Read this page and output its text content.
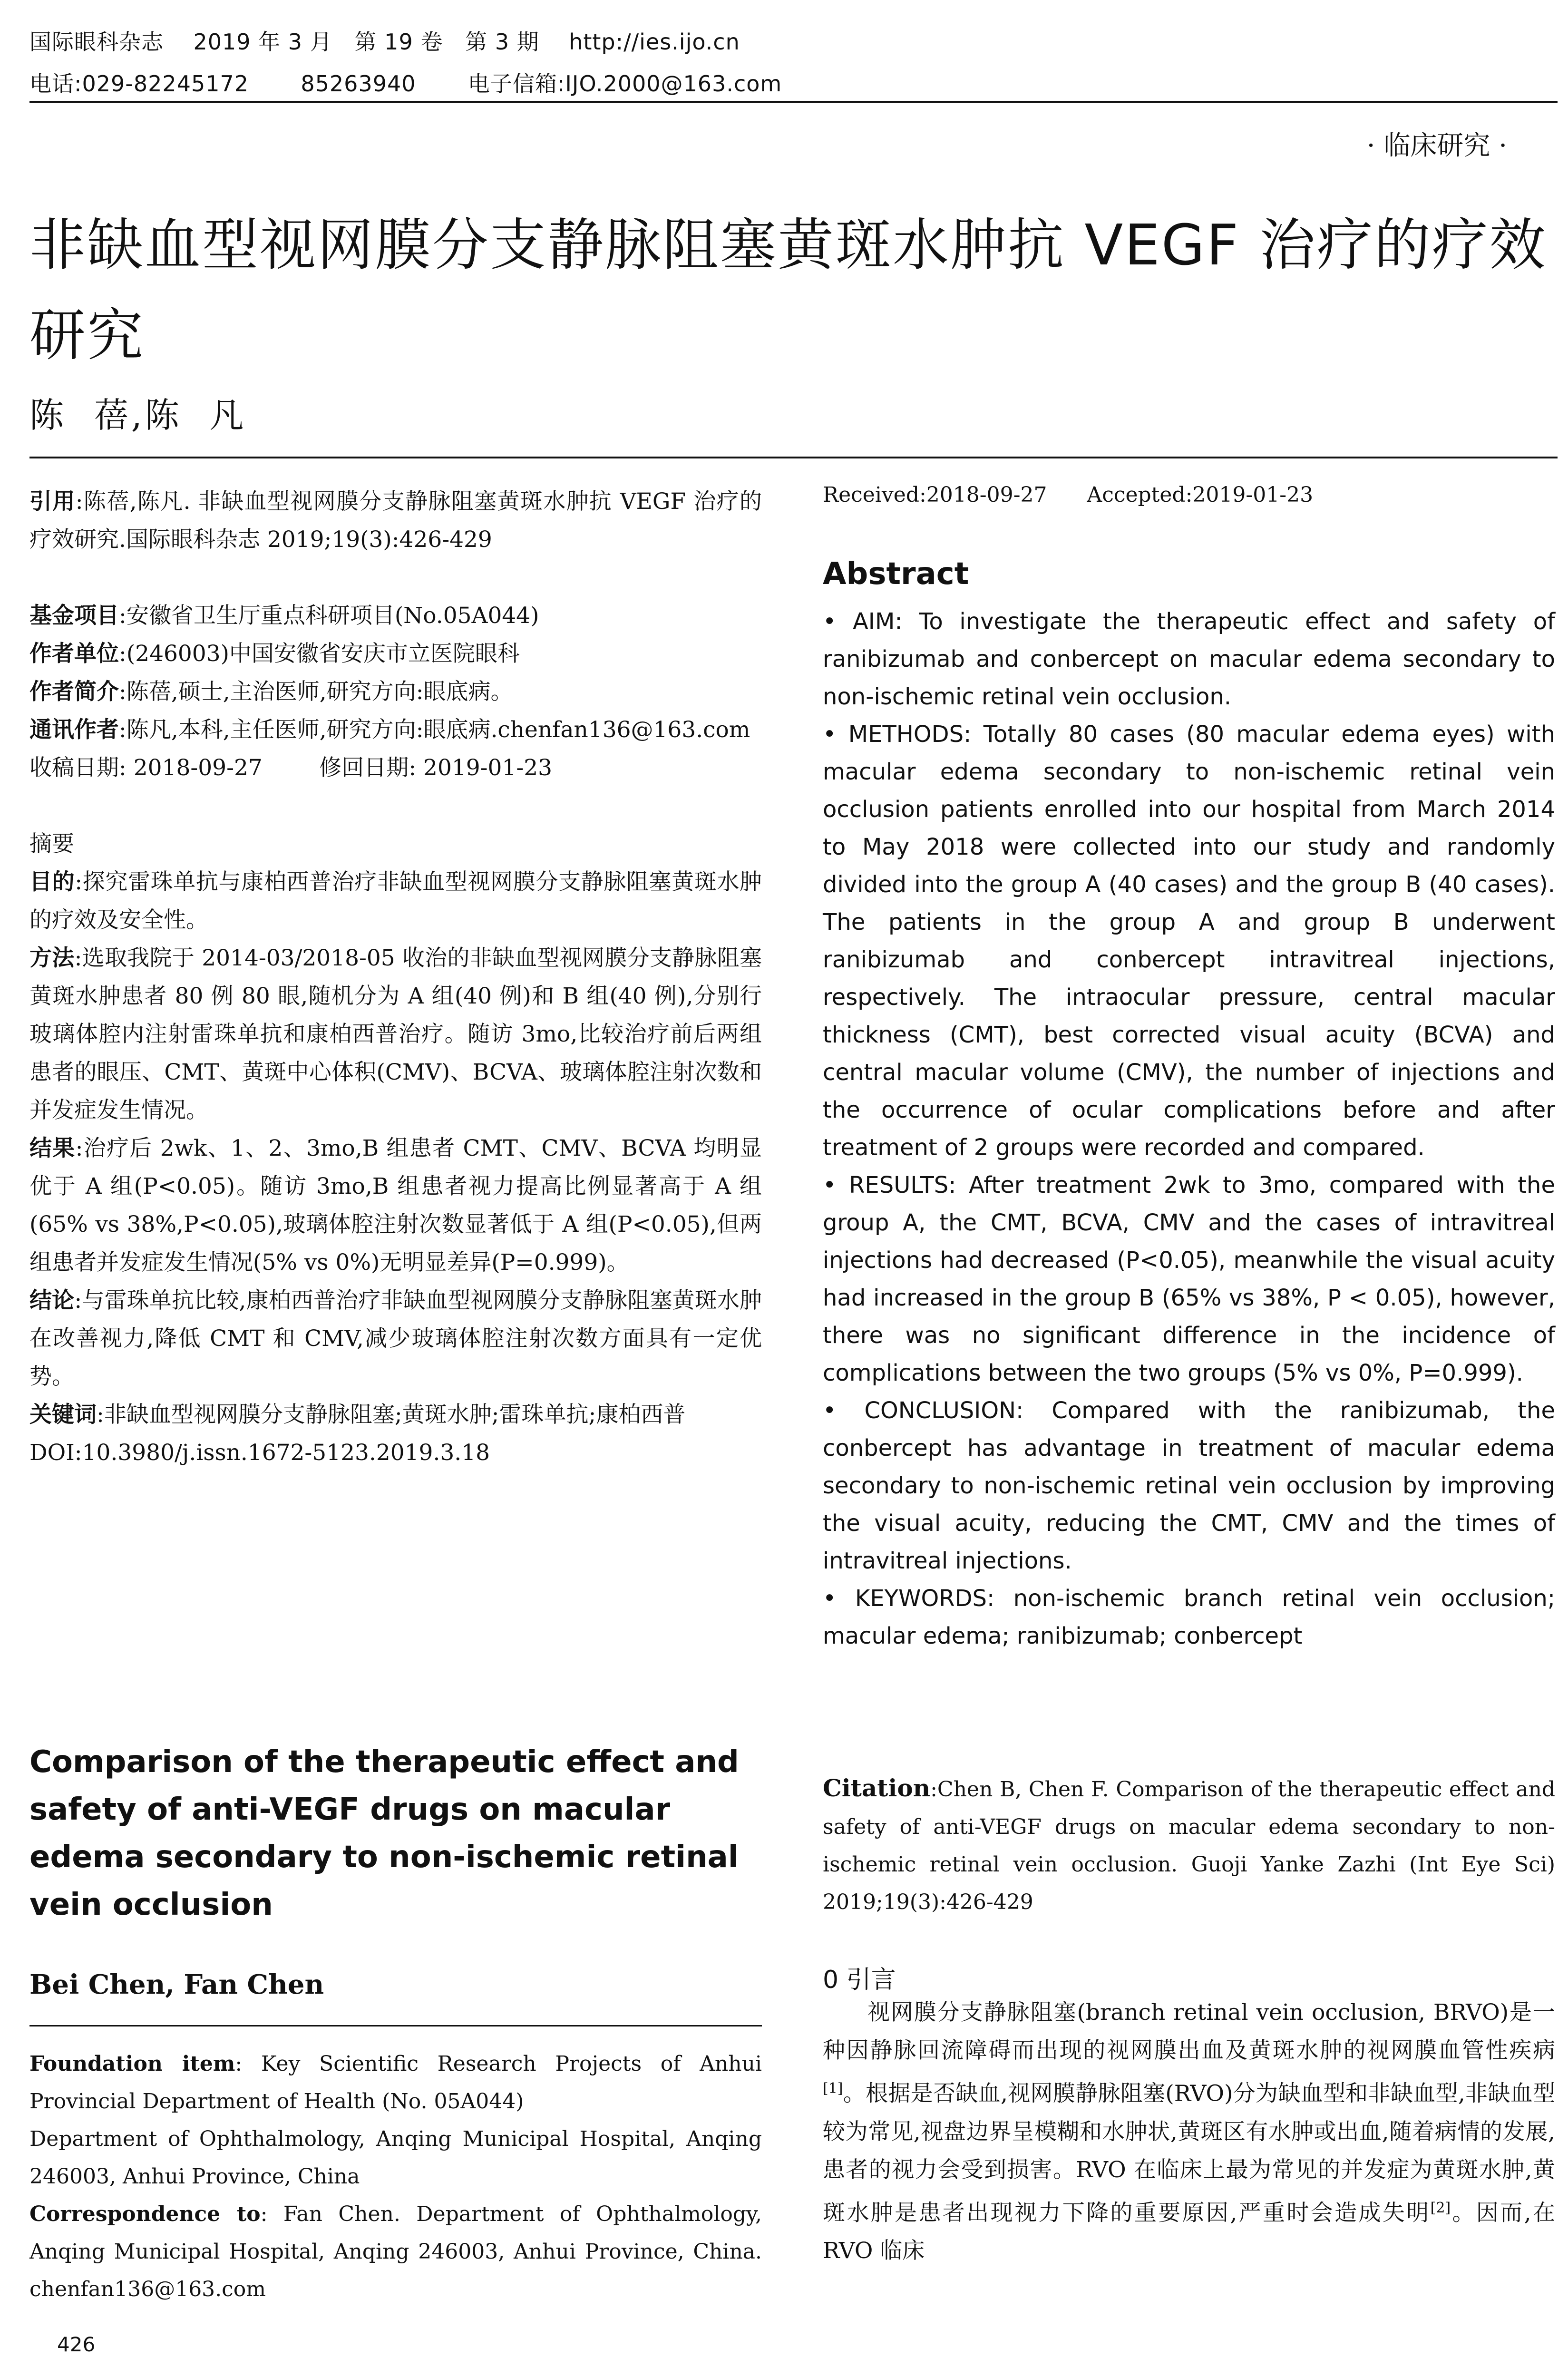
国际眼科杂志    2019 年 3 月   第 19 卷   第 3 期    http://ies.ijo.cn
电话:029-82245172       85263940       电子信箱:IJO.2000@163.com
· 临床研究 ·
非缺血型视网膜分支静脉阻塞黄斑水肿抗 VEGF 治疗的疗效研究
陈  蓓,陈  凡

引用:陈蓓,陈凡. 非缺血型视网膜分支静脉阻塞黄斑水肿抗 VEGF 治疗的疗效研究.国际眼科杂志 2019;19(3):426-429

基金项目:安徽省卫生厅重点科研项目(No.05A044)

作者单位:(246003)中国安徽省安庆市立医院眼科

作者简介:陈蓓,硕士,主治医师,研究方向:眼底病。

通讯作者:陈凡,本科,主任医师,研究方向:眼底病.chenfan136@163.com

收稿日期: 2018-09-27        修回日期: 2019-01-23

摘要

目的:探究雷珠单抗与康柏西普治疗非缺血型视网膜分支静脉阻塞黄斑水肿的疗效及安全性。

方法:选取我院于 2014-03/2018-05 收治的非缺血型视网膜分支静脉阻塞黄斑水肿患者 80 例 80 眼,随机分为 A 组(40 例)和 B 组(40 例),分别行玻璃体腔内注射雷珠单抗和康柏西普治疗。随访 3mo,比较治疗前后两组患者的眼压、CMT、黄斑中心体积(CMV)、BCVA、玻璃体腔注射次数和并发症发生情况。

结果:治疗后 2wk、1、2、3mo,B 组患者 CMT、CMV、BCVA 均明显优于 A 组(P<0.05)。随访 3mo,B 组患者视力提高比例显著高于 A 组(65% vs 38%,P<0.05),玻璃体腔注射次数显著低于 A 组(P<0.05),但两组患者并发症发生情况(5% vs 0%)无明显差异(P=0.999)。

结论:与雷珠单抗比较,康柏西普治疗非缺血型视网膜分支静脉阻塞黄斑水肿在改善视力,降低 CMT 和 CMV,减少玻璃体腔注射次数方面具有一定优势。

关键词:非缺血型视网膜分支静脉阻塞;黄斑水肿;雷珠单抗;康柏西普

DOI:10.3980/j.issn.1672-5123.2019.3.18

Comparison of the therapeutic effect and safety of anti-VEGF drugs on macular edema secondary to non-ischemic retinal vein occlusion
Bei Chen, Fan Chen

Foundation item: Key Scientific Research Projects of Anhui Provincial Department of Health (No. 05A044)

Department of Ophthalmology, Anqing Municipal Hospital, Anqing 246003, Anhui Province, China

Correspondence to: Fan Chen. Department of Ophthalmology, Anqing Municipal Hospital, Anqing 246003, Anhui Province, China. chenfan136@163.com

426
Received:2018-09-27      Accepted:2019-01-23
Abstract

• AIM: To investigate the therapeutic effect and safety of ranibizumab and conbercept on macular edema secondary to non-ischemic retinal vein occlusion.

• METHODS: Totally 80 cases (80 macular edema eyes) with macular edema secondary to non-ischemic retinal vein occlusion patients enrolled into our hospital from March 2014 to May 2018 were collected into our study and randomly divided into the group A (40 cases) and the group B (40 cases). The patients in the group A and group B underwent ranibizumab and conbercept intravitreal injections, respectively. The intraocular pressure, central macular thickness (CMT), best corrected visual acuity (BCVA) and central macular volume (CMV), the number of injections and the occurrence of ocular complications before and after treatment of 2 groups were recorded and compared.

• RESULTS: After treatment 2wk to 3mo, compared with the group A, the CMT, BCVA, CMV and the cases of intravitreal injections had decreased (P<0.05), meanwhile the visual acuity had increased in the group B (65% vs 38%, P < 0.05), however, there was no significant difference in the incidence of complications between the two groups (5% vs 0%, P=0.999).

• CONCLUSION: Compared with the ranibizumab, the conbercept has advantage in treatment of macular edema secondary to non-ischemic retinal vein occlusion by improving the visual acuity, reducing the CMT, CMV and the times of intravitreal injections.

• KEYWORDS: non-ischemic branch retinal vein occlusion; macular edema; ranibizumab; conbercept

Citation:Chen B, Chen F. Comparison of the therapeutic effect and safety of anti-VEGF drugs on macular edema secondary to non-ischemic retinal vein occlusion. Guoji Yanke Zazhi (Int Eye Sci) 2019;19(3):426-429

0 引言

视网膜分支静脉阻塞(branch retinal vein occlusion, BRVO)是一种因静脉回流障碍而出现的视网膜出血及黄斑水肿的视网膜血管性疾病[1]。根据是否缺血,视网膜静脉阻塞(RVO)分为缺血型和非缺血型,非缺血型较为常见,视盘边界呈模糊和水肿状,黄斑区有水肿或出血,随着病情的发展,患者的视力会受到损害。RVO 在临床上最为常见的并发症为黄斑水肿,黄斑水肿是患者出现视力下降的重要原因,严重时会造成失明[2]。因而,在 RVO 临床
